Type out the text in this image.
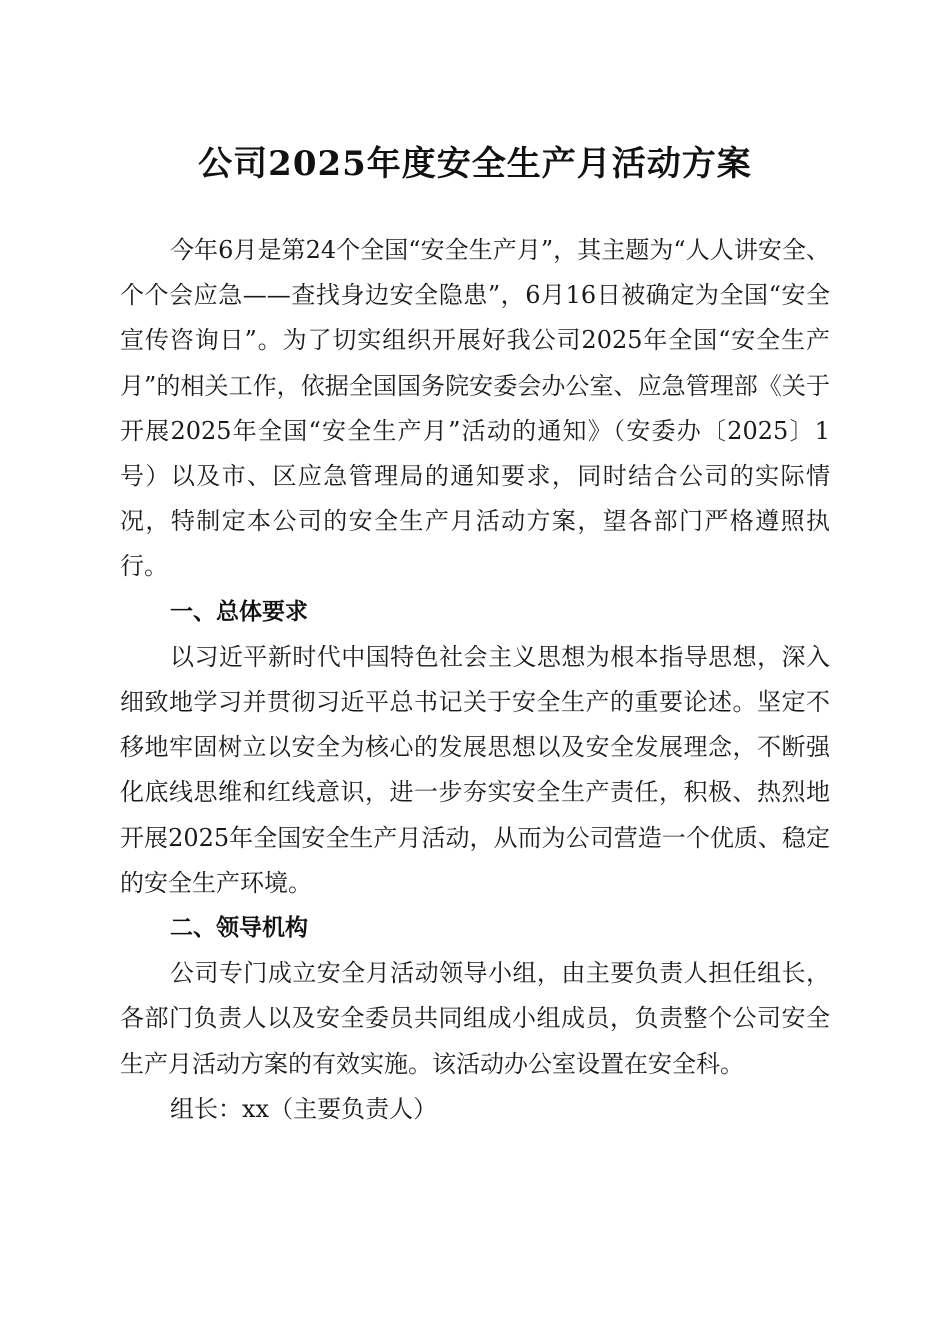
公司2025年度安全生产月活动方案

今年6月是第24个全国“安全生产月”，其主题为“人人讲安全、个个会应急——查找身边安全隐患”，6月16日被确定为全国“安全宣传咨询日”。为了切实组织开展好我公司2025年全国“安全生产月”的相关工作，依据全国国务院安委会办公室、应急管理部《关于开展2025年全国“安全生产月”活动的通知》（安委办〔2025〕1号）以及市、区应急管理局的通知要求，同时结合公司的实际情况，特制定本公司的安全生产月活动方案，望各部门严格遵照执行。

一、总体要求

以习近平新时代中国特色社会主义思想为根本指导思想，深入细致地学习并贯彻习近平总书记关于安全生产的重要论述。坚定不移地牢固树立以安全为核心的发展思想以及安全发展理念，不断强化底线思维和红线意识，进一步夯实安全生产责任，积极、热烈地开展2025年全国安全生产月活动，从而为公司营造一个优质、稳定的安全生产环境。

二、领导机构

公司专门成立安全月活动领导小组，由主要负责人担任组长，各部门负责人以及安全委员共同组成小组成员，负责整个公司安全生产月活动方案的有效实施。该活动办公室设置在安全科。

组长：xx（主要负责人）
